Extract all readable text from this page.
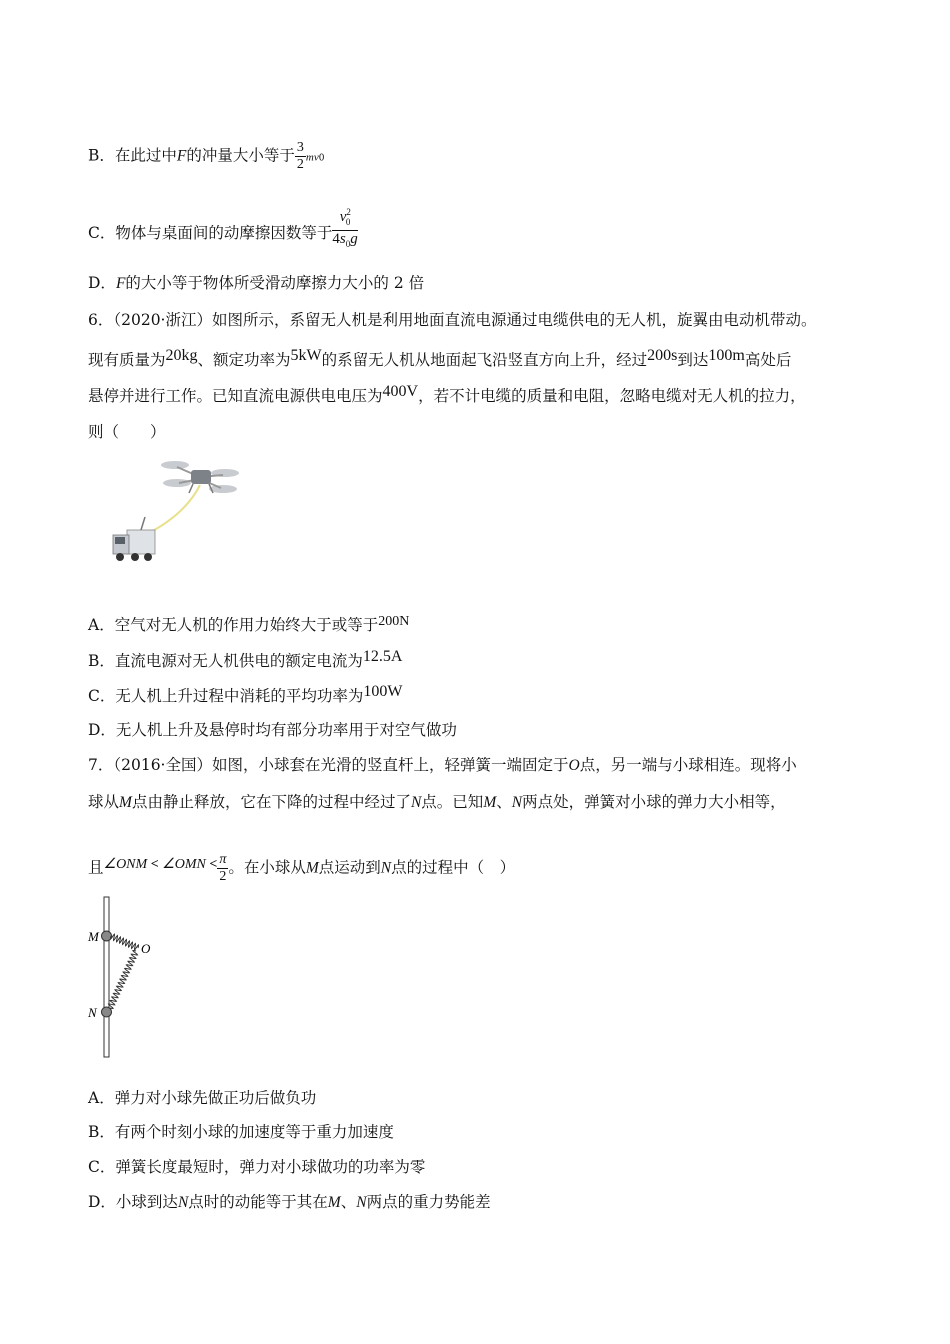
B．在此过中F的冲量大小等于 $\frac{3}{2} mv0$
C．物体与桌面间的动摩擦因数等于 $\frac{v^2_0}{4s_0g}$
D．F的大小等于物体所受滑动摩擦力大小的 2 倍
6．（2020·浙江）如图所示，系留无人机是利用地面直流电源通过电缆供电的无人机，旋翼由电动机带动。
现有质量为20kg、额定功率为5kW的系留无人机从地面起飞沿竖直方向上升，经过200s到达100m高处后
悬停并进行工作。已知直流电源供电电压为400V，若不计电缆的质量和电阻，忽略电缆对无人机的拉力，
则（　　）
A．空气对无人机的作用力始终大于或等于200N
B．直流电源对无人机供电的额定电流为12.5A
C．无人机上升过程中消耗的平均功率为100W
D．无人机上升及悬停时均有部分功率用于对空气做功
7．（2016·全国）如图，小球套在光滑的竖直杆上，轻弹簧一端固定于O点，另一端与小球相连。现将小
球从M点由静止释放，它在下降的过程中经过了N点。已知M、N两点处，弹簧对小球的弹力大小相等，
且∠ONM < ∠OMN < $\frac{\pi}{2}$ 。在小球从M点运动到N点的过程中（　）
M
O
N
A．弹力对小球先做正功后做负功
B．有两个时刻小球的加速度等于重力加速度
C．弹簧长度最短时，弹力对小球做功的功率为零
D．小球到达N点时的动能等于其在M、N两点的重力势能差
